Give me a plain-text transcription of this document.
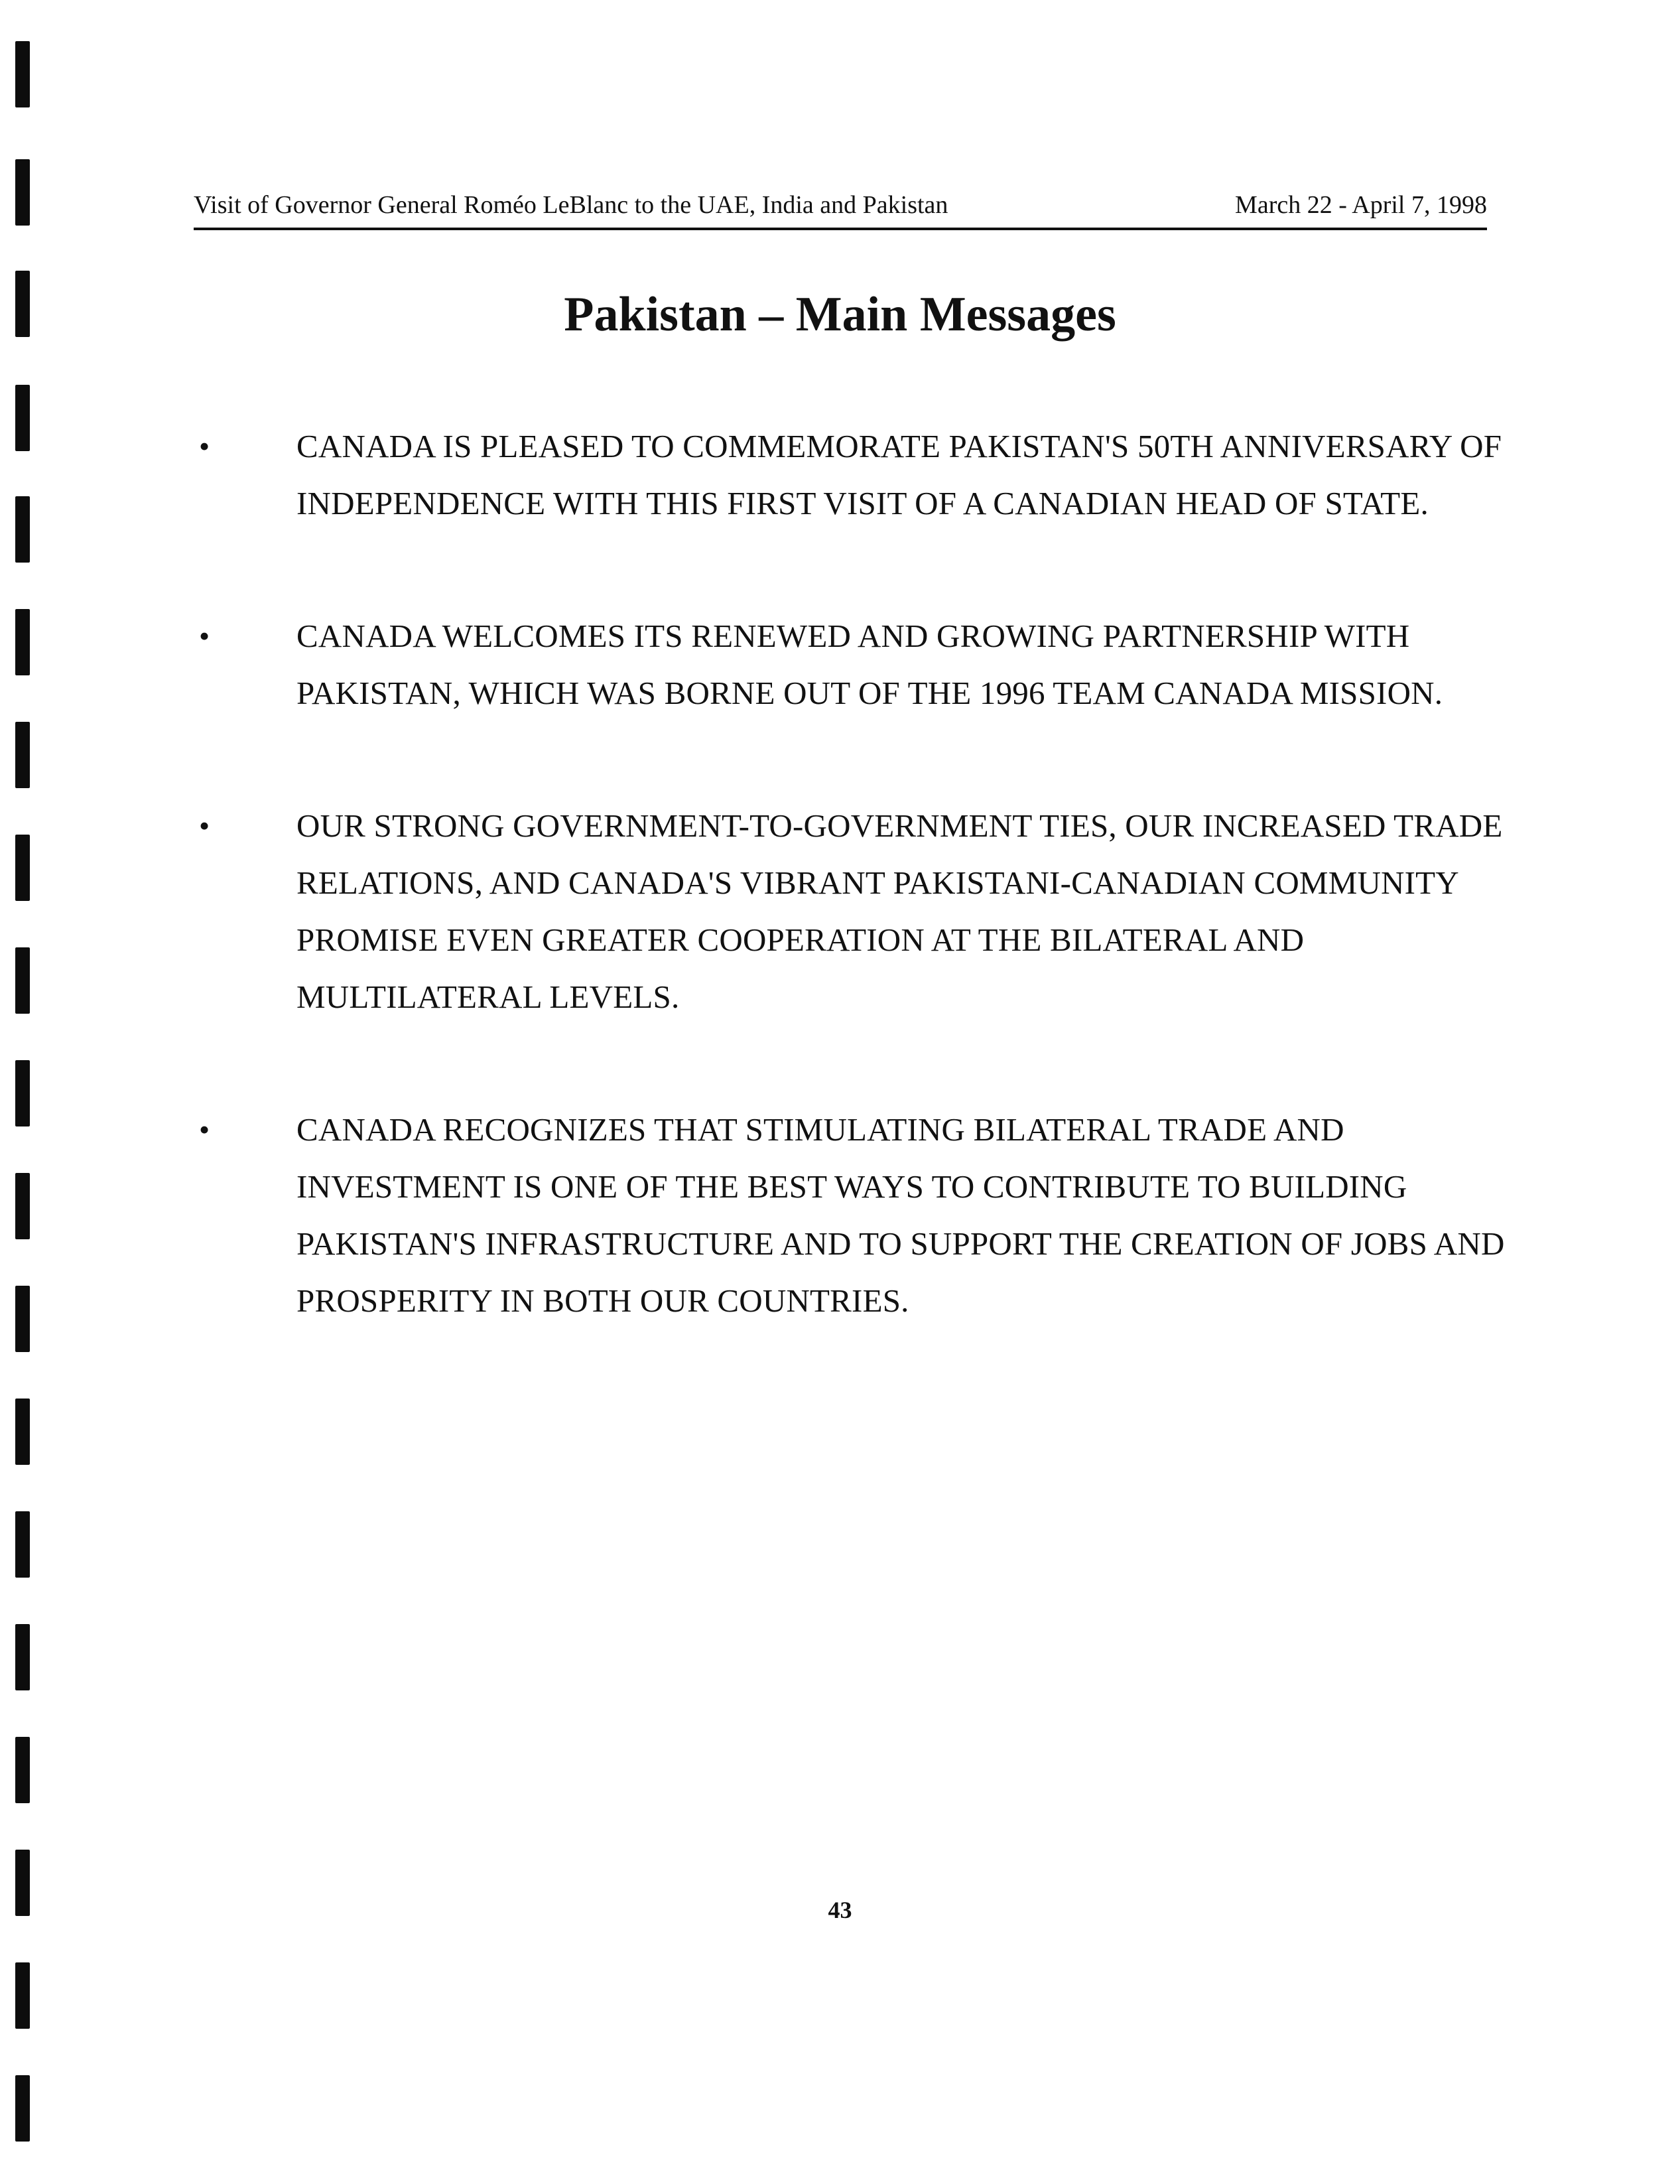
Visit of Governor General Roméo LeBlanc to the UAE, India and Pakistan	March 22 - April 7, 1998
Pakistan – Main Messages
•	CANADA IS PLEASED TO COMMEMORATE PAKISTAN'S 50TH ANNIVERSARY OF INDEPENDENCE WITH THIS FIRST VISIT OF A CANADIAN HEAD OF STATE.
•	CANADA WELCOMES ITS RENEWED AND GROWING PARTNERSHIP WITH PAKISTAN, WHICH WAS BORNE OUT OF THE 1996 TEAM CANADA MISSION.
•	OUR STRONG GOVERNMENT-TO-GOVERNMENT TIES, OUR INCREASED TRADE RELATIONS, AND CANADA'S VIBRANT PAKISTANI-CANADIAN COMMUNITY PROMISE EVEN GREATER COOPERATION AT THE BILATERAL AND MULTILATERAL LEVELS.
•	CANADA RECOGNIZES THAT STIMULATING BILATERAL TRADE AND INVESTMENT IS ONE OF THE BEST WAYS TO CONTRIBUTE TO BUILDING PAKISTAN'S INFRASTRUCTURE AND TO SUPPORT THE CREATION OF JOBS AND PROSPERITY IN BOTH OUR COUNTRIES.
43
